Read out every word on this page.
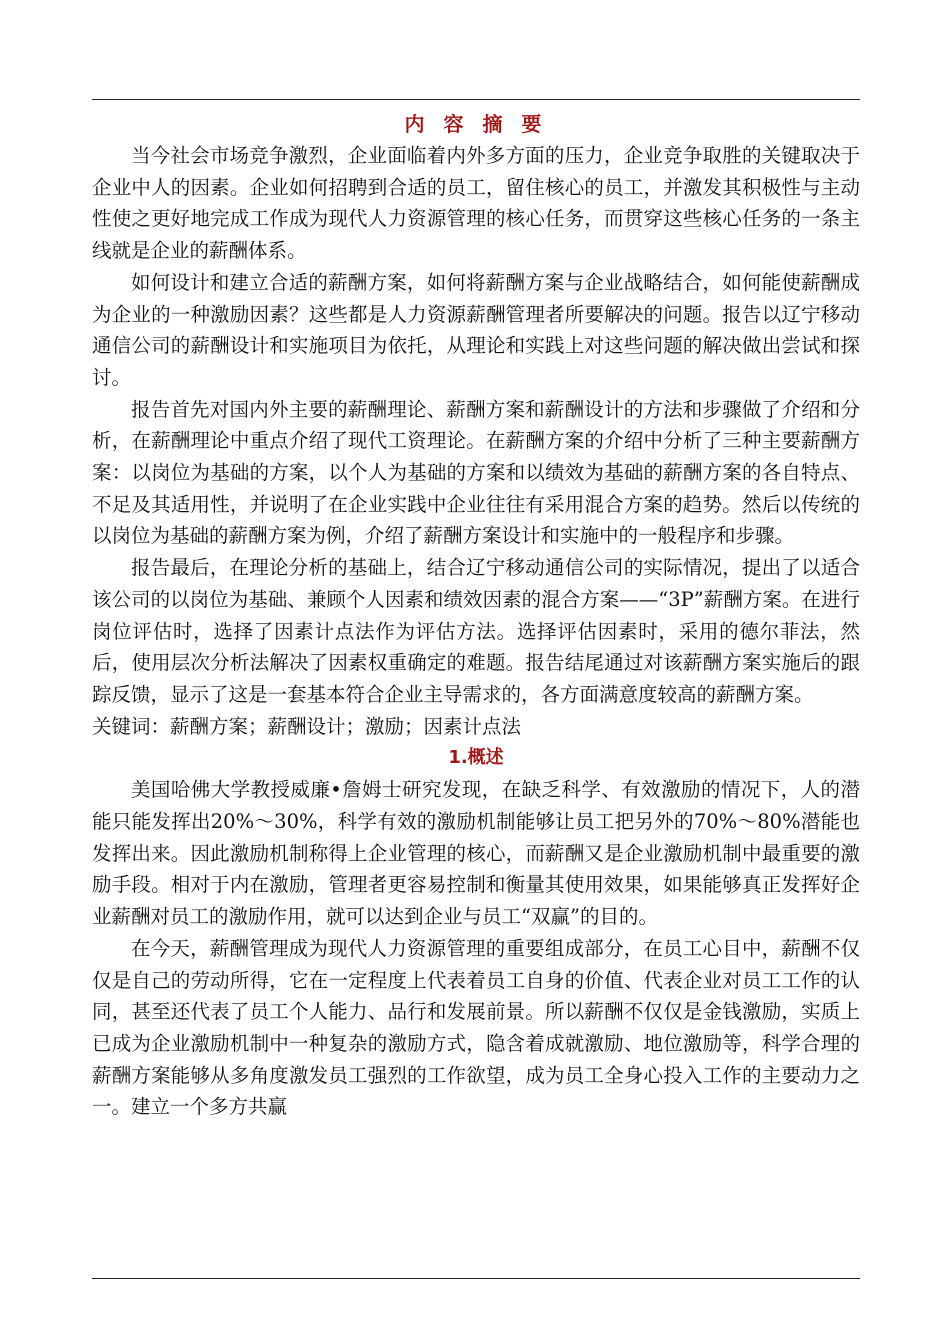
内 容 摘 要

当今社会市场竞争激烈，企业面临着内外多方面的压力，企业竞争取胜的关键取决于企业中人的因素。企业如何招聘到合适的员工，留住核心的员工，并激发其积极性与主动性使之更好地完成工作成为现代人力资源管理的核心任务，而贯穿这些核心任务的一条主线就是企业的薪酬体系。

如何设计和建立合适的薪酬方案，如何将薪酬方案与企业战略结合，如何能使薪酬成为企业的一种激励因素？这些都是人力资源薪酬管理者所要解决的问题。报告以辽宁移动通信公司的薪酬设计和实施项目为依托，从理论和实践上对这些问题的解决做出尝试和探讨。

报告首先对国内外主要的薪酬理论、薪酬方案和薪酬设计的方法和步骤做了介绍和分析，在薪酬理论中重点介绍了现代工资理论。在薪酬方案的介绍中分析了三种主要薪酬方案：以岗位为基础的方案，以个人为基础的方案和以绩效为基础的薪酬方案的各自特点、不足及其适用性，并说明了在企业实践中企业往往有采用混合方案的趋势。然后以传统的以岗位为基础的薪酬方案为例，介绍了薪酬方案设计和实施中的一般程序和步骤。

报告最后，在理论分析的基础上，结合辽宁移动通信公司的实际情况，提出了以适合该公司的以岗位为基础、兼顾个人因素和绩效因素的混合方案——“3P”薪酬方案。在进行岗位评估时，选择了因素计点法作为评估方法。选择评估因素时，采用的德尔菲法，然后，使用层次分析法解决了因素权重确定的难题。报告结尾通过对该薪酬方案实施后的跟踪反馈，显示了这是一套基本符合企业主导需求的，各方面满意度较高的薪酬方案。

关键词：薪酬方案；薪酬设计；激励；因素计点法

1.概述

美国哈佛大学教授威廉•詹姆士研究发现，在缺乏科学、有效激励的情况下，人的潜能只能发挥出20%～30%，科学有效的激励机制能够让员工把另外的70%～80%潜能也发挥出来。因此激励机制称得上企业管理的核心，而薪酬又是企业激励机制中最重要的激励手段。相对于内在激励，管理者更容易控制和衡量其使用效果，如果能够真正发挥好企业薪酬对员工的激励作用，就可以达到企业与员工“双赢”的目的。

在今天，薪酬管理成为现代人力资源管理的重要组成部分，在员工心目中，薪酬不仅仅是自己的劳动所得，它在一定程度上代表着员工自身的价值、代表企业对员工工作的认同，甚至还代表了员工个人能力、品行和发展前景。所以薪酬不仅仅是金钱激励，实质上已成为企业激励机制中一种复杂的激励方式，隐含着成就激励、地位激励等，科学合理的薪酬方案能够从多角度激发员工强烈的工作欲望，成为员工全身心投入工作的主要动力之一。建立一个多方共赢
